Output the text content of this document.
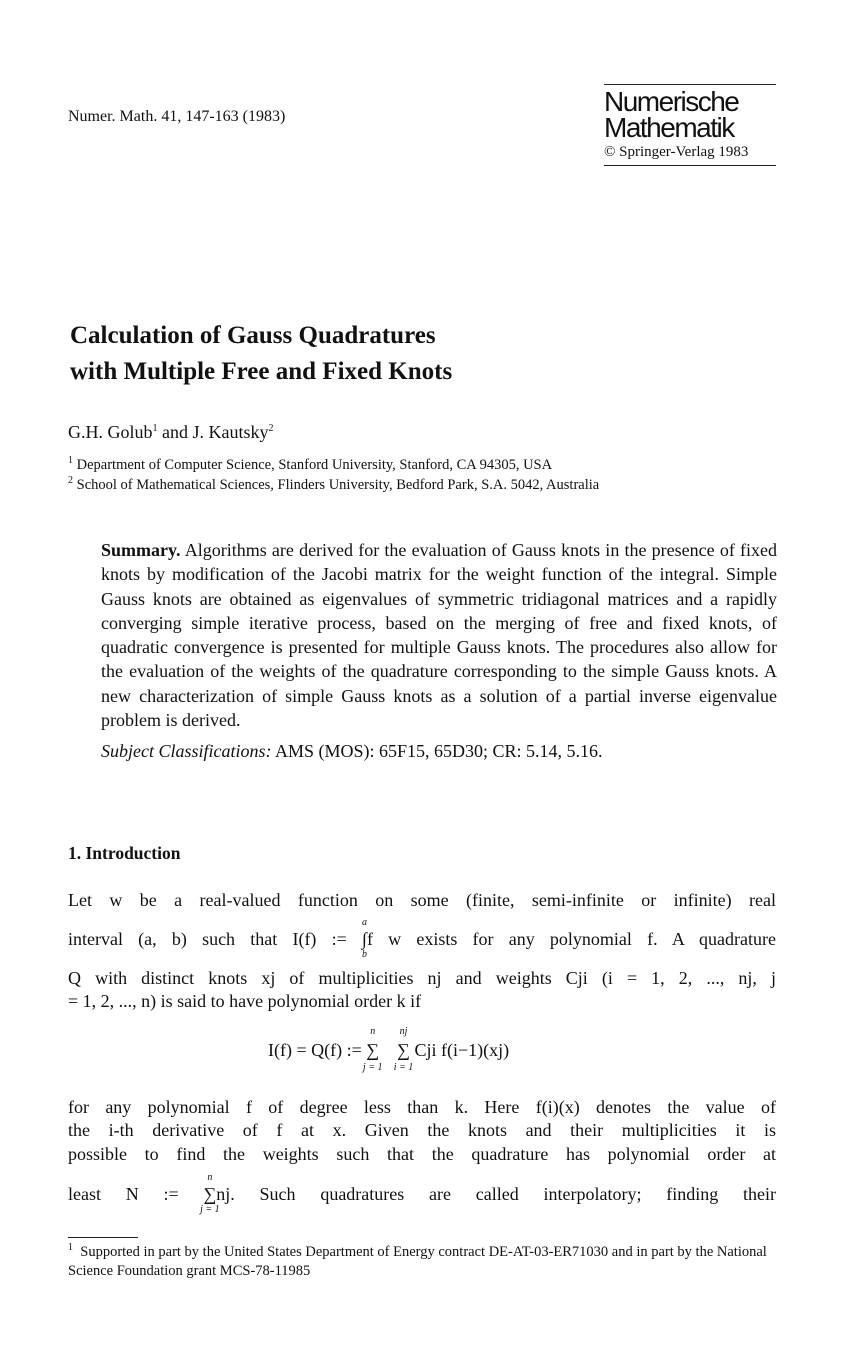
Numer. Math. 41, 147-163 (1983)	Numerische
Mathematik
© Springer-Verlag 1983
Calculation of Gauss Quadratures
with Multiple Free and Fixed Knots
G.H. Golub$^1$ and J. Kautsky$^2$
$^1$ Department of Computer Science, Stanford University, Stanford, CA 94305, USA
$^2$ School of Mathematical Sciences, Flinders University, Bedford Park, S.A. 5042, Australia
Summary. Algorithms are derived for the evaluation of Gauss knots in the presence of fixed knots by modification of the Jacobi matrix for the weight function of the integral. Simple Gauss knots are obtained as eigenvalues of symmetric tridiagonal matrices and a rapidly converging simple iterative process, based on the merging of free and fixed knots, of quadratic convergence is presented for multiple Gauss knots. The procedures also allow for the evaluation of the weights of the quadrature corresponding to the simple Gauss knots. A new characterization of simple Gauss knots as a solution of a partial inverse eigenvalue problem is derived.
Subject Classifications: AMS (MOS): 65F15, 65D30; CR: 5.14, 5.16.
1. Introduction
Let w be a real-valued function on some (finite, semi-infinite or infinite) real
interval (a, b) such that I(f) :=
a
∫
b
f w exists for any polynomial f. A quadrature
Q with distinct knots xj of multiplicities nj and weights Cji (i = 1, 2, ..., nj, j
= 1, 2, ..., n) is said to have polynomial order k if
I(f) = Q(f) :=
n
∑
j = 1

nj
∑
i = 1
Cji f(i−1)(xj)
for any polynomial f of degree less than k. Here f(i)(x) denotes the value of
the i-th derivative of f at x. Given the knots and their multiplicities it is
possible to find the weights such that the quadrature has polynomial order at
least N :=
n
∑
j = 1
nj. Such quadratures are called interpolatory; finding their
$^1$ Supported in part by the United States Department of Energy contract DE-AT-03-ER71030 and in part by the National Science Foundation grant MCS-78-11985
